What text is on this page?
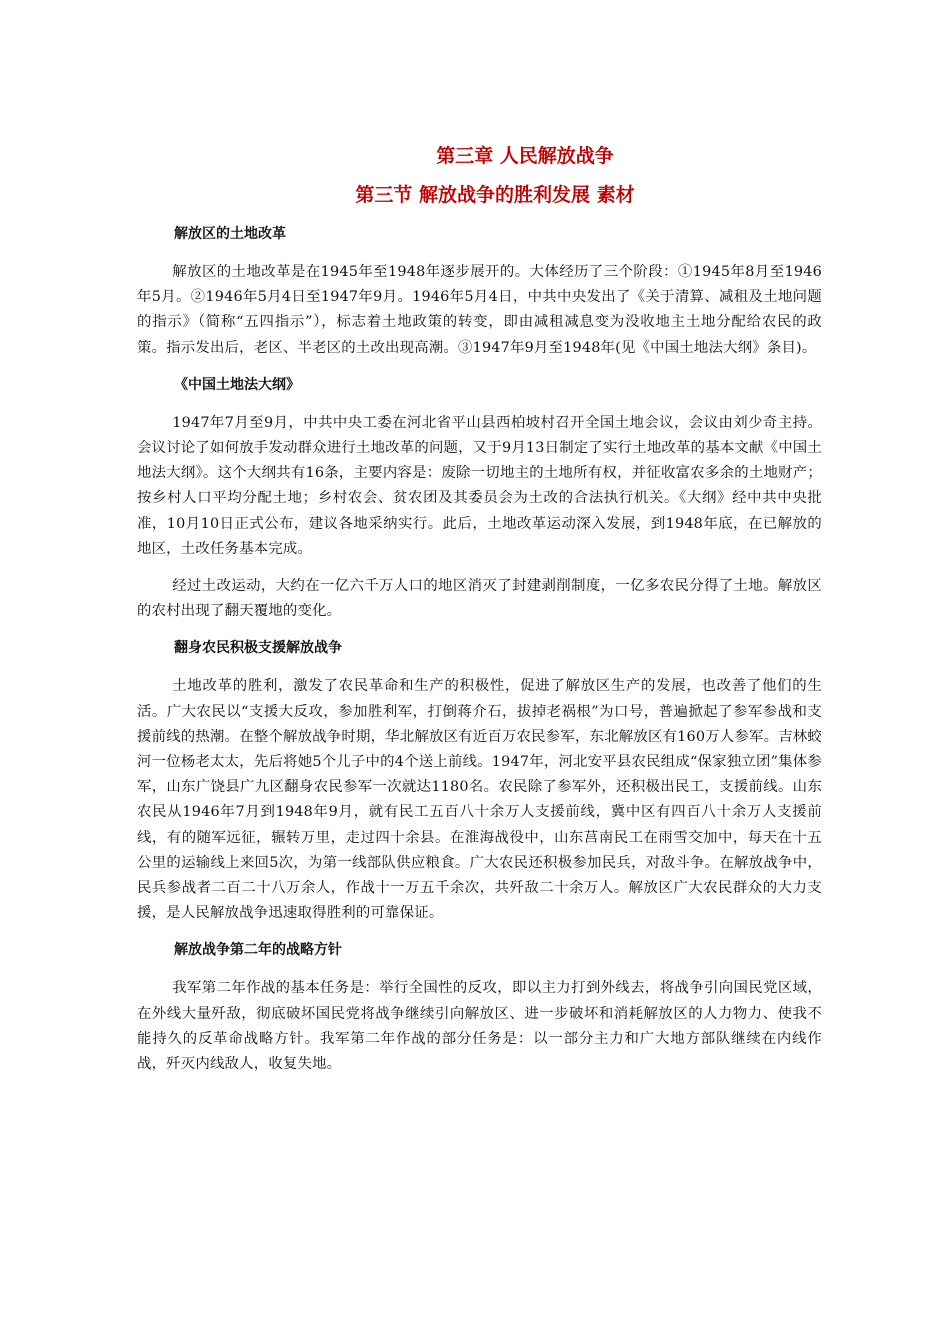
第三章 人民解放战争
第三节 解放战争的胜利发展 素材
解放区的土地改革

解放区的土地改革是在1945年至1948年逐步展开的。大体经历了三个阶段：①1945年8月至1946年5月。②1946年5月4日至1947年9月。1946年5月4日，中共中央发出了《关于清算、减租及土地问题的指示》（简称“五四指示”），标志着土地政策的转变，即由减租减息变为没收地主土地分配给农民的政策。指示发出后，老区、半老区的土改出现高潮。③1947年9月至1948年(见《中国土地法大纲》条目)。

《中国土地法大纲》

1947年7月至9月，中共中央工委在河北省平山县西柏坡村召开全国土地会议，会议由刘少奇主持。会议讨论了如何放手发动群众进行土地改革的问题，又于9月13日制定了实行土地改革的基本文献《中国土地法大纲》。这个大纲共有16条，主要内容是：废除一切地主的土地所有权，并征收富农多余的土地财产；按乡村人口平均分配土地；乡村农会、贫农团及其委员会为土改的合法执行机关。《大纲》经中共中央批准，10月10日正式公布，建议各地采纳实行。此后，土地改革运动深入发展，到1948年底，在已解放的地区，土改任务基本完成。

经过土改运动，大约在一亿六千万人口的地区消灭了封建剥削制度，一亿多农民分得了土地。解放区的农村出现了翻天覆地的变化。

翻身农民积极支援解放战争

土地改革的胜利，激发了农民革命和生产的积极性，促进了解放区生产的发展，也改善了他们的生活。广大农民以“支援大反攻，参加胜利军，打倒蒋介石，拔掉老祸根”为口号，普遍掀起了参军参战和支援前线的热潮。在整个解放战争时期，华北解放区有近百万农民参军，东北解放区有160万人参军。吉林蛟河一位杨老太太，先后将她5个儿子中的4个送上前线。1947年，河北安平县农民组成“保家独立团”集体参军，山东广饶县广九区翻身农民参军一次就达1180名。农民除了参军外，还积极出民工，支援前线。山东农民从1946年7月到1948年9月，就有民工五百八十余万人支援前线，冀中区有四百八十余万人支援前线，有的随军远征，辗转万里，走过四十余县。在淮海战役中，山东莒南民工在雨雪交加中，每天在十五公里的运输线上来回5次，为第一线部队供应粮食。广大农民还积极参加民兵，对敌斗争。在解放战争中，民兵参战者二百二十八万余人，作战十一万五千余次，共歼敌二十余万人。解放区广大农民群众的大力支援，是人民解放战争迅速取得胜利的可靠保证。

解放战争第二年的战略方针

我军第二年作战的基本任务是：举行全国性的反攻，即以主力打到外线去，将战争引向国民党区域，在外线大量歼敌，彻底破坏国民党将战争继续引向解放区、进一步破坏和消耗解放区的人力物力、使我不能持久的反革命战略方针。我军第二年作战的部分任务是：以一部分主力和广大地方部队继续在内线作战，歼灭内线敌人，收复失地。
